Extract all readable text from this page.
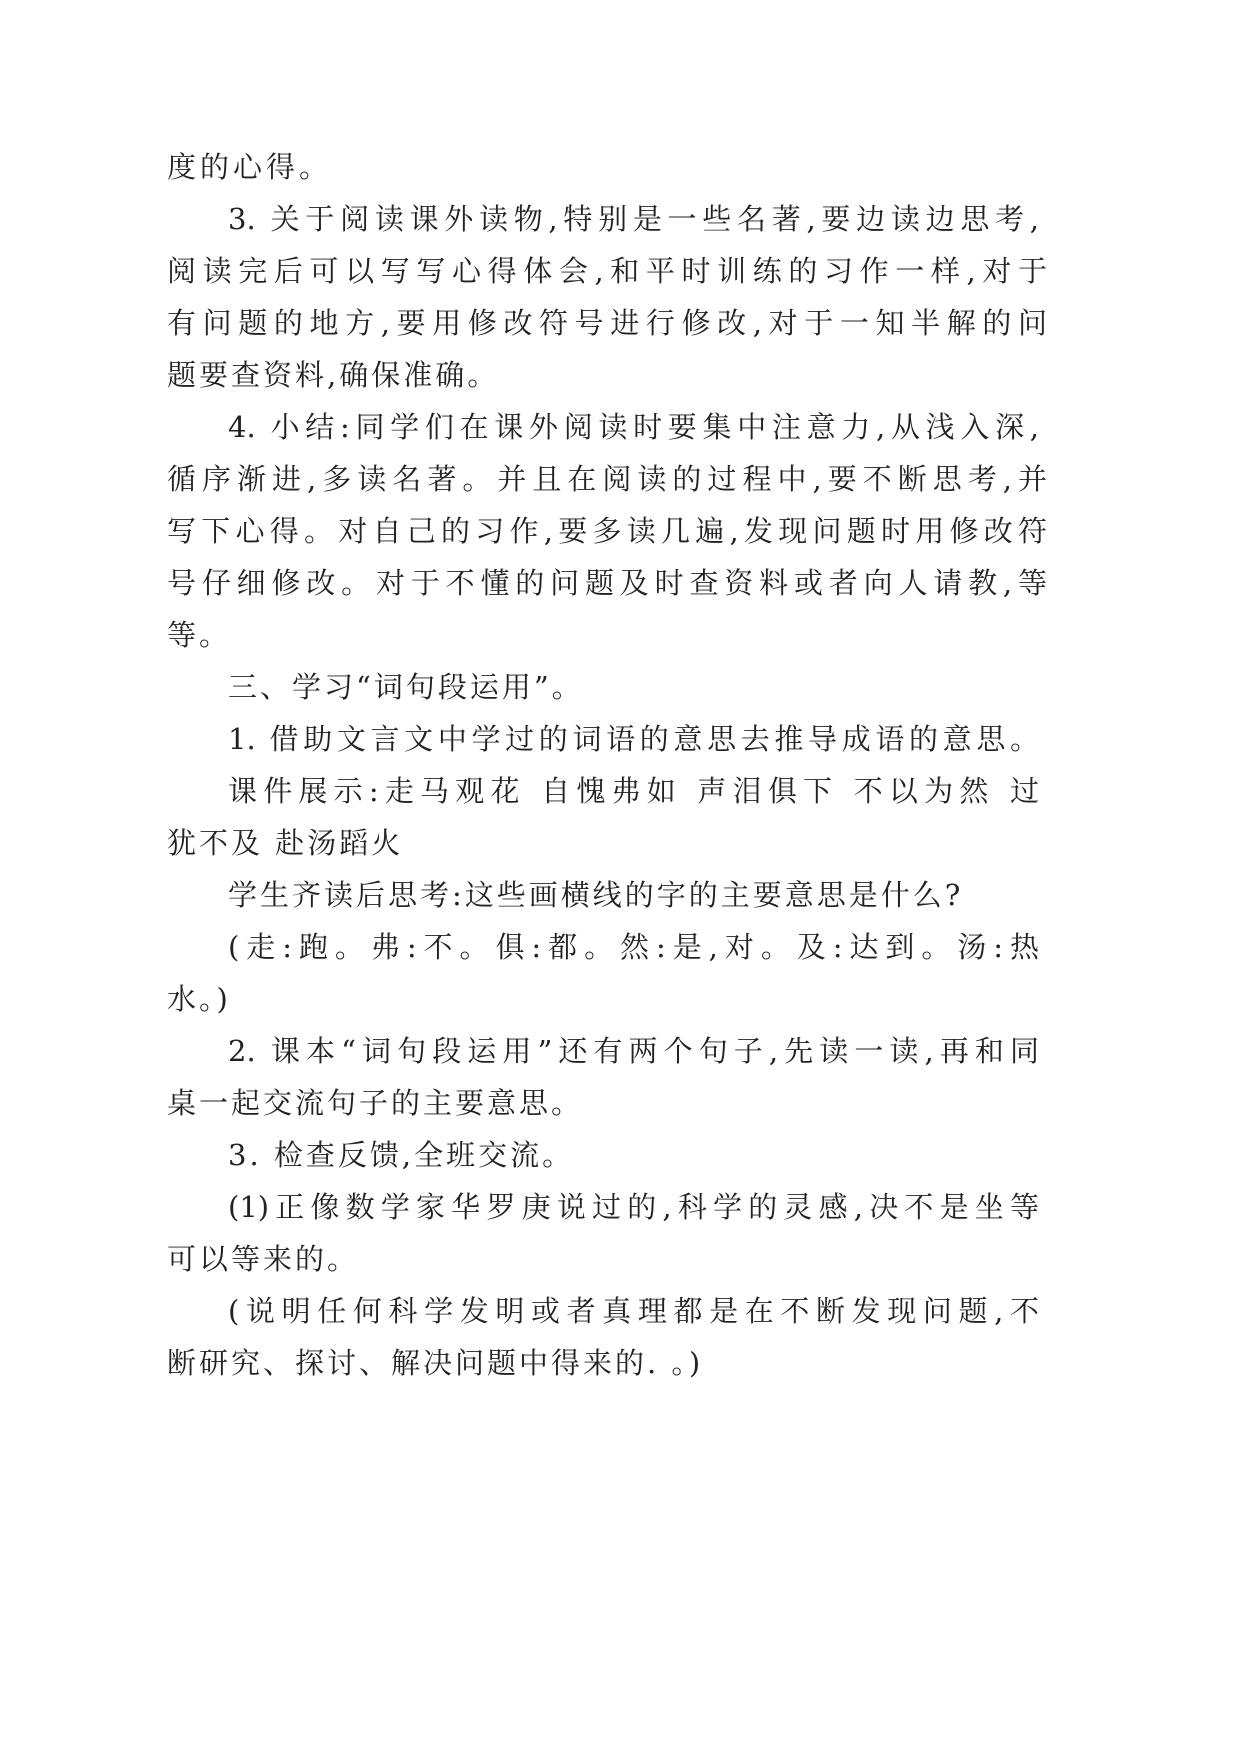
度的心得。
3. 关于阅读课外读物,特别是一些名著,要边读边思考,
阅读完后可以写写心得体会,和平时训练的习作一样,对于
有问题的地方,要用修改符号进行修改,对于一知半解的问
题要查资料,确保准确。
4. 小结:同学们在课外阅读时要集中注意力,从浅入深,
循序渐进,多读名著。并且在阅读的过程中,要不断思考,并
写下心得。对自己的习作,要多读几遍,发现问题时用修改符
号仔细修改。对于不懂的问题及时查资料或者向人请教,等
等。
三、学习“词句段运用”。
1. 借助文言文中学过的词语的意思去推导成语的意思。
课件展示:走马观花 自愧弗如 声泪俱下 不以为然 过
犹不及 赴汤蹈火
学生齐读后思考:这些画横线的字的主要意思是什么?
(走:跑。弗:不。俱:都。然:是,对。及:达到。汤:热
水。)
2. 课本“词句段运用”还有两个句子,先读一读,再和同
桌一起交流句子的主要意思。
3. 检查反馈,全班交流。
(1)正像数学家华罗庚说过的,科学的灵感,决不是坐等
可以等来的。
(说明任何科学发明或者真理都是在不断发现问题,不
断研究、探讨、解决问题中得来的. 。)
